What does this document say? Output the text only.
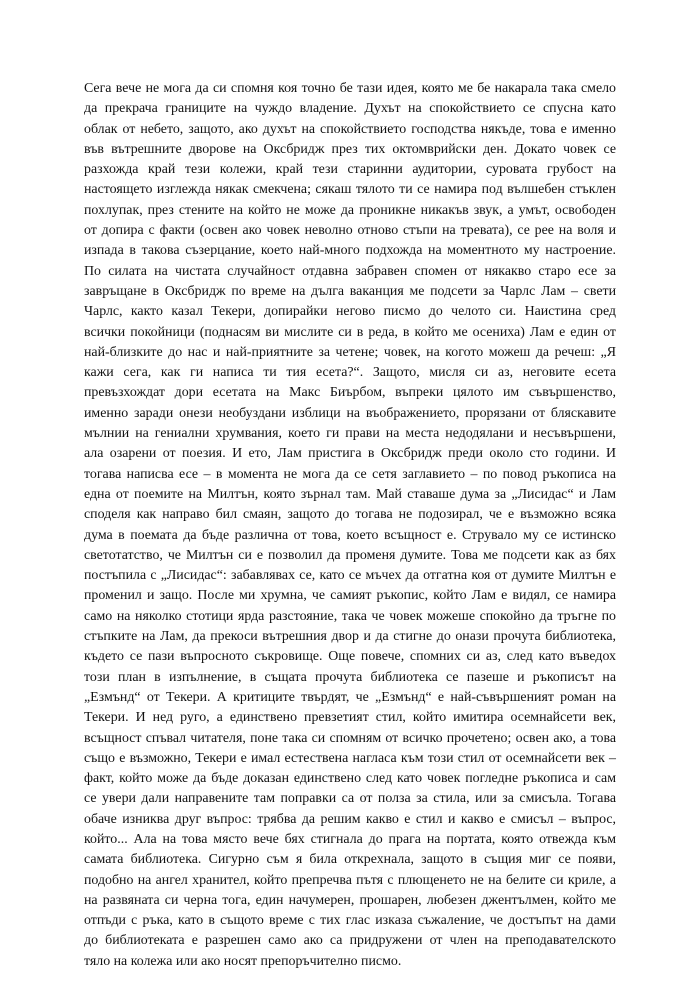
Сега вече не мога да си спомня коя точно бе тази идея, която ме бе накарала така смело
да прекрача границите на чуждо владение. Духът на спокойствието се спусна като
облак от небето, защото, ако духът на спокойствието господства някъде, това е именно
във вътрешните дворове на Оксбридж през тих октомврийски ден. Докато човек се
разхожда край тези колежи, край тези старинни аудитории, суровата грубост на
настоящето изглежда някак смекчена; сякаш тялото ти се намира под вълшебен стъклен
похлупак, през стените на който не може да проникне никакъв звук, а умът, освободен
от допира с факти (освен ако човек неволно отново стъпи на тревата), се рее на воля и
изпада в такова съзерцание, което най-много подхожда на моментното му настроение.
По силата на чистата случайност отдавна забравен спомен от някакво старо есе за
завръщане в Оксбридж по време на дълга ваканция ме подсети за Чарлс Лам – свети
Чарлс, както казал Текери, допирайки негово писмо до челото си. Наистина сред
всички покойници (поднасям ви мислите си в реда, в който ме осениха) Лам е един от
най-близките до нас и най-приятните за четене; човек, на когото можеш да речеш: „Я
кажи сега, как ги написа ти тия есета?“. Защото, мисля си аз, неговите есета
превъзхождат дори есетата на Макс Биърбом, въпреки цялото им съвършенство,
именно заради онези необуздани изблици на въображението, прорязани от бляскавите
мълнии на гениални хрумвания, което ги прави на места недодялани и несъвършени,
ала озарени от поезия. И ето, Лам пристига в Оксбридж преди около сто години. И
тогава написва есе – в момента не мога да се сетя заглавието – по повод ръкописа на
една от поемите на Милтън, която зърнал там. Май ставаше дума за „Лисидас“ и Лам
споделя как направо бил смаян, защото до тогава не подозирал, че е възможно всяка
дума в поемата да бъде различна от това, което всъщност е. Струвало му се истинско
светотатство, че Милтън си е позволил да променя думите. Това ме подсети как аз бях
постъпила с „Лисидас“: забавлявах се, като се мъчех да отгатна коя от думите Милтън е
променил и защо. После ми хрумна, че самият ръкопис, който Лам е видял, се намира
само на няколко стотици ярда разстояние, така че човек можеше спокойно да тръгне по
стъпките на Лам, да прекоси вътрешния двор и да стигне до онази прочута библиотека,
където се пази въпросното съкровище. Още повече, спомних си аз, след като въведох
този план в изпълнение, в същата прочута библиотека се пазеше и ръкописът на
„Езмънд“ от Текери. А критиците твърдят, че „Езмънд“ е най-съвършеният роман на
Текери. И нед руго, а единствено превзетият стил, който имитира осемнайсети век,
всъщност спъвал читателя, поне така си спомням от всичко прочетено; освен ако, а това
също е възможно, Текери е имал естествена нагласа към този стил от осемнайсети век –
факт, който може да бъде доказан единствено след като човек погледне ръкописа и сам
се увери дали направените там поправки са от полза за стила, или за смисъла. Тогава
обаче изниква друг въпрос: трябва да решим какво е стил и какво е смисъл – въпрос,
който... Ала на това място вече бях стигнала до прага на портата, която отвежда към
самата библиотека. Сигурно съм я била открехнала, защото в същия миг се появи,
подобно на ангел хранител, който препречва пътя с плющенето не на белите си криле, а
на развяната си черна тога, един начумерен, прошарен, любезен джентълмен, който ме
отпъди с ръка, като в същото време с тих глас изказа съжаление, че достъпът на дами
до библиотеката е разрешен само ако са придружени от член на преподавателското
тяло на колежа или ако носят препоръчително писмо.
